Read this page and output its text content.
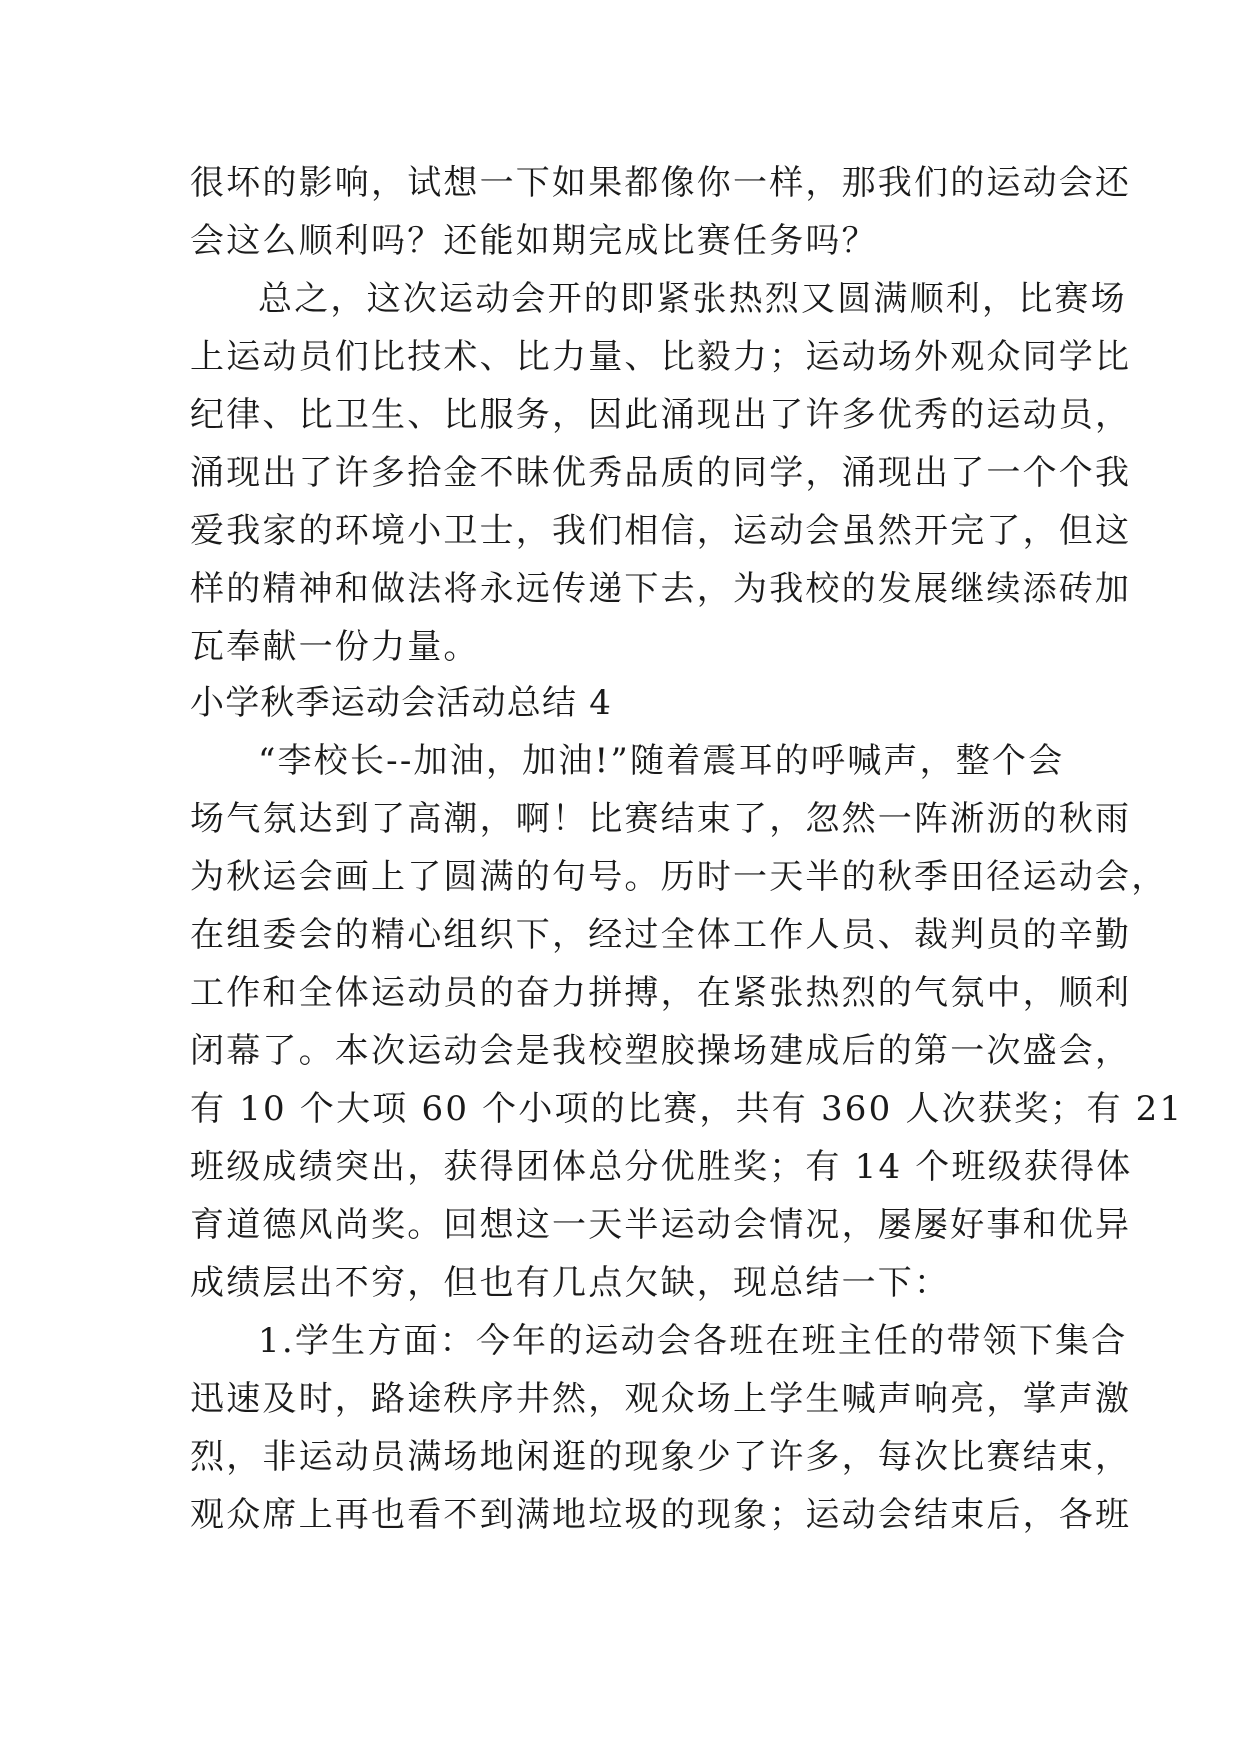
很坏的影响，试想一下如果都像你一样，那我们的运动会还
会这么顺利吗？还能如期完成比赛任务吗？
总之，这次运动会开的即紧张热烈又圆满顺利，比赛场
上运动员们比技术、比力量、比毅力；运动场外观众同学比
纪律、比卫生、比服务，因此涌现出了许多优秀的运动员，
涌现出了许多拾金不昧优秀品质的同学，涌现出了一个个我
爱我家的环境小卫士，我们相信，运动会虽然开完了，但这
样的精神和做法将永远传递下去，为我校的发展继续添砖加
瓦奉献一份力量。
小学秋季运动会活动总结 4
“李校长--加油，加油!”随着震耳的呼喊声，整个会
场气氛达到了高潮，啊！比赛结束了，忽然一阵淅沥的秋雨
为秋运会画上了圆满的句号。历时一天半的秋季田径运动会，
在组委会的精心组织下，经过全体工作人员、裁判员的辛勤
工作和全体运动员的奋力拼搏，在紧张热烈的气氛中，顺利
闭幕了。本次运动会是我校塑胶操场建成后的第一次盛会，
有 10 个大项 60 个小项的比赛，共有 360 人次获奖；有 21
班级成绩突出，获得团体总分优胜奖；有 14 个班级获得体
育道德风尚奖。回想这一天半运动会情况，屡屡好事和优异
成绩层出不穷，但也有几点欠缺，现总结一下：
1.学生方面：今年的运动会各班在班主任的带领下集合
迅速及时，路途秩序井然，观众场上学生喊声响亮，掌声激
烈，非运动员满场地闲逛的现象少了许多，每次比赛结束，
观众席上再也看不到满地垃圾的现象；运动会结束后，各班
